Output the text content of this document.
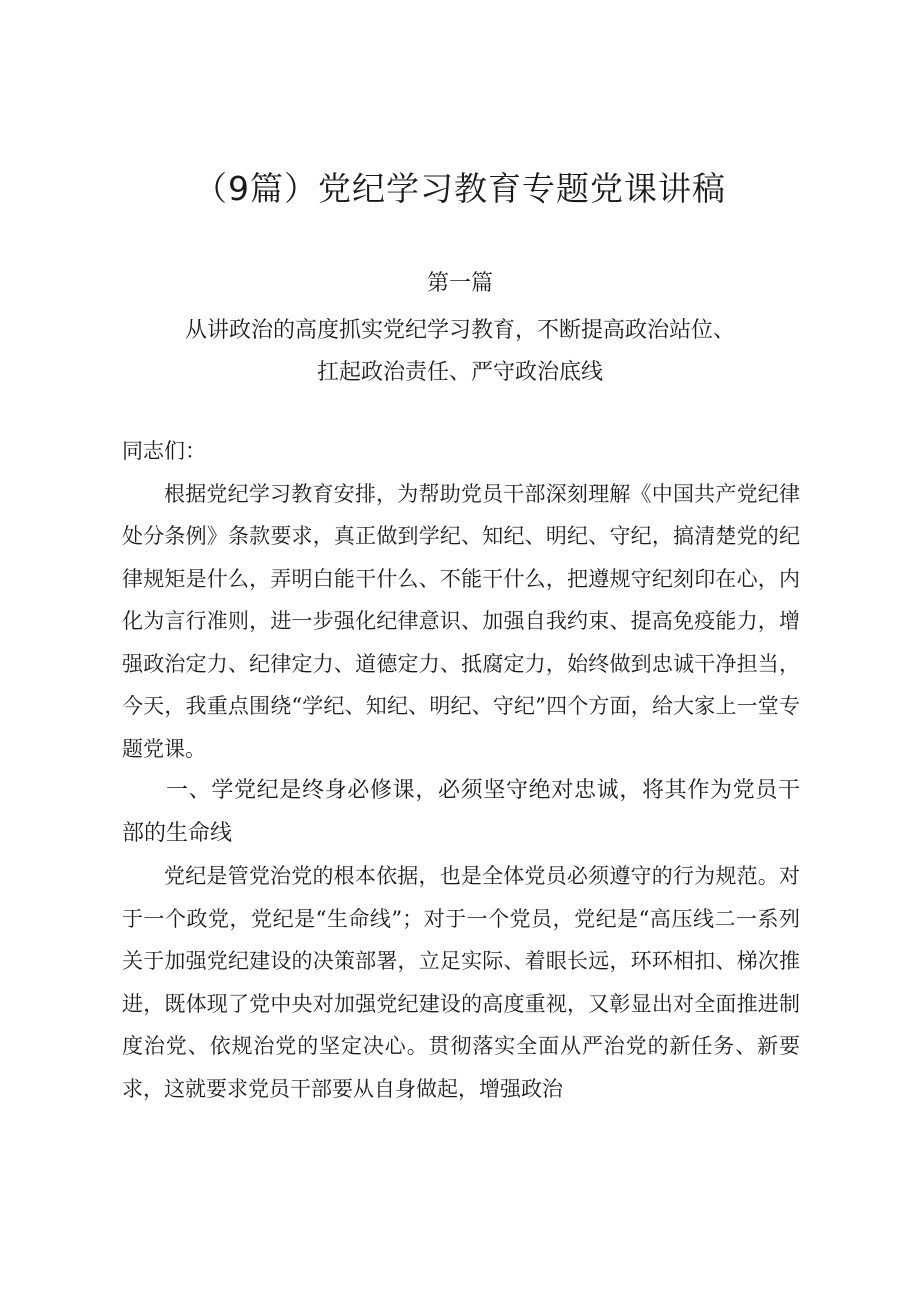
（9篇）党纪学习教育专题党课讲稿
第一篇
从讲政治的高度抓实党纪学习教育，不断提高政治站位、
扛起政治责任、严守政治底线

同志们：

根据党纪学习教育安排，为帮助党员干部深刻理解《中国共产党纪律处分条例》条款要求，真正做到学纪、知纪、明纪、守纪，搞清楚党的纪律规矩是什么，弄明白能干什么、不能干什么，把遵规守纪刻印在心，内化为言行准则，进一步强化纪律意识、加强自我约束、提高免疫能力，增强政治定力、纪律定力、道德定力、抵腐定力，始终做到忠诚干净担当，今天，我重点围绕“学纪、知纪、明纪、守纪”四个方面，给大家上一堂专题党课。

一、学党纪是终身必修课，必须坚守绝对忠诚，将其作为党员干部的生命线

党纪是管党治党的根本依据，也是全体党员必须遵守的行为规范。对于一个政党，党纪是“生命线”；对于一个党员，党纪是“高压线二一系列关于加强党纪建设的决策部署，立足实际、着眼长远，环环相扣、梯次推进，既体现了党中央对加强党纪建设的高度重视，又彰显出对全面推进制度治党、依规治党的坚定决心。贯彻落实全面从严治党的新任务、新要求，这就要求党员干部要从自身做起，增强政治
